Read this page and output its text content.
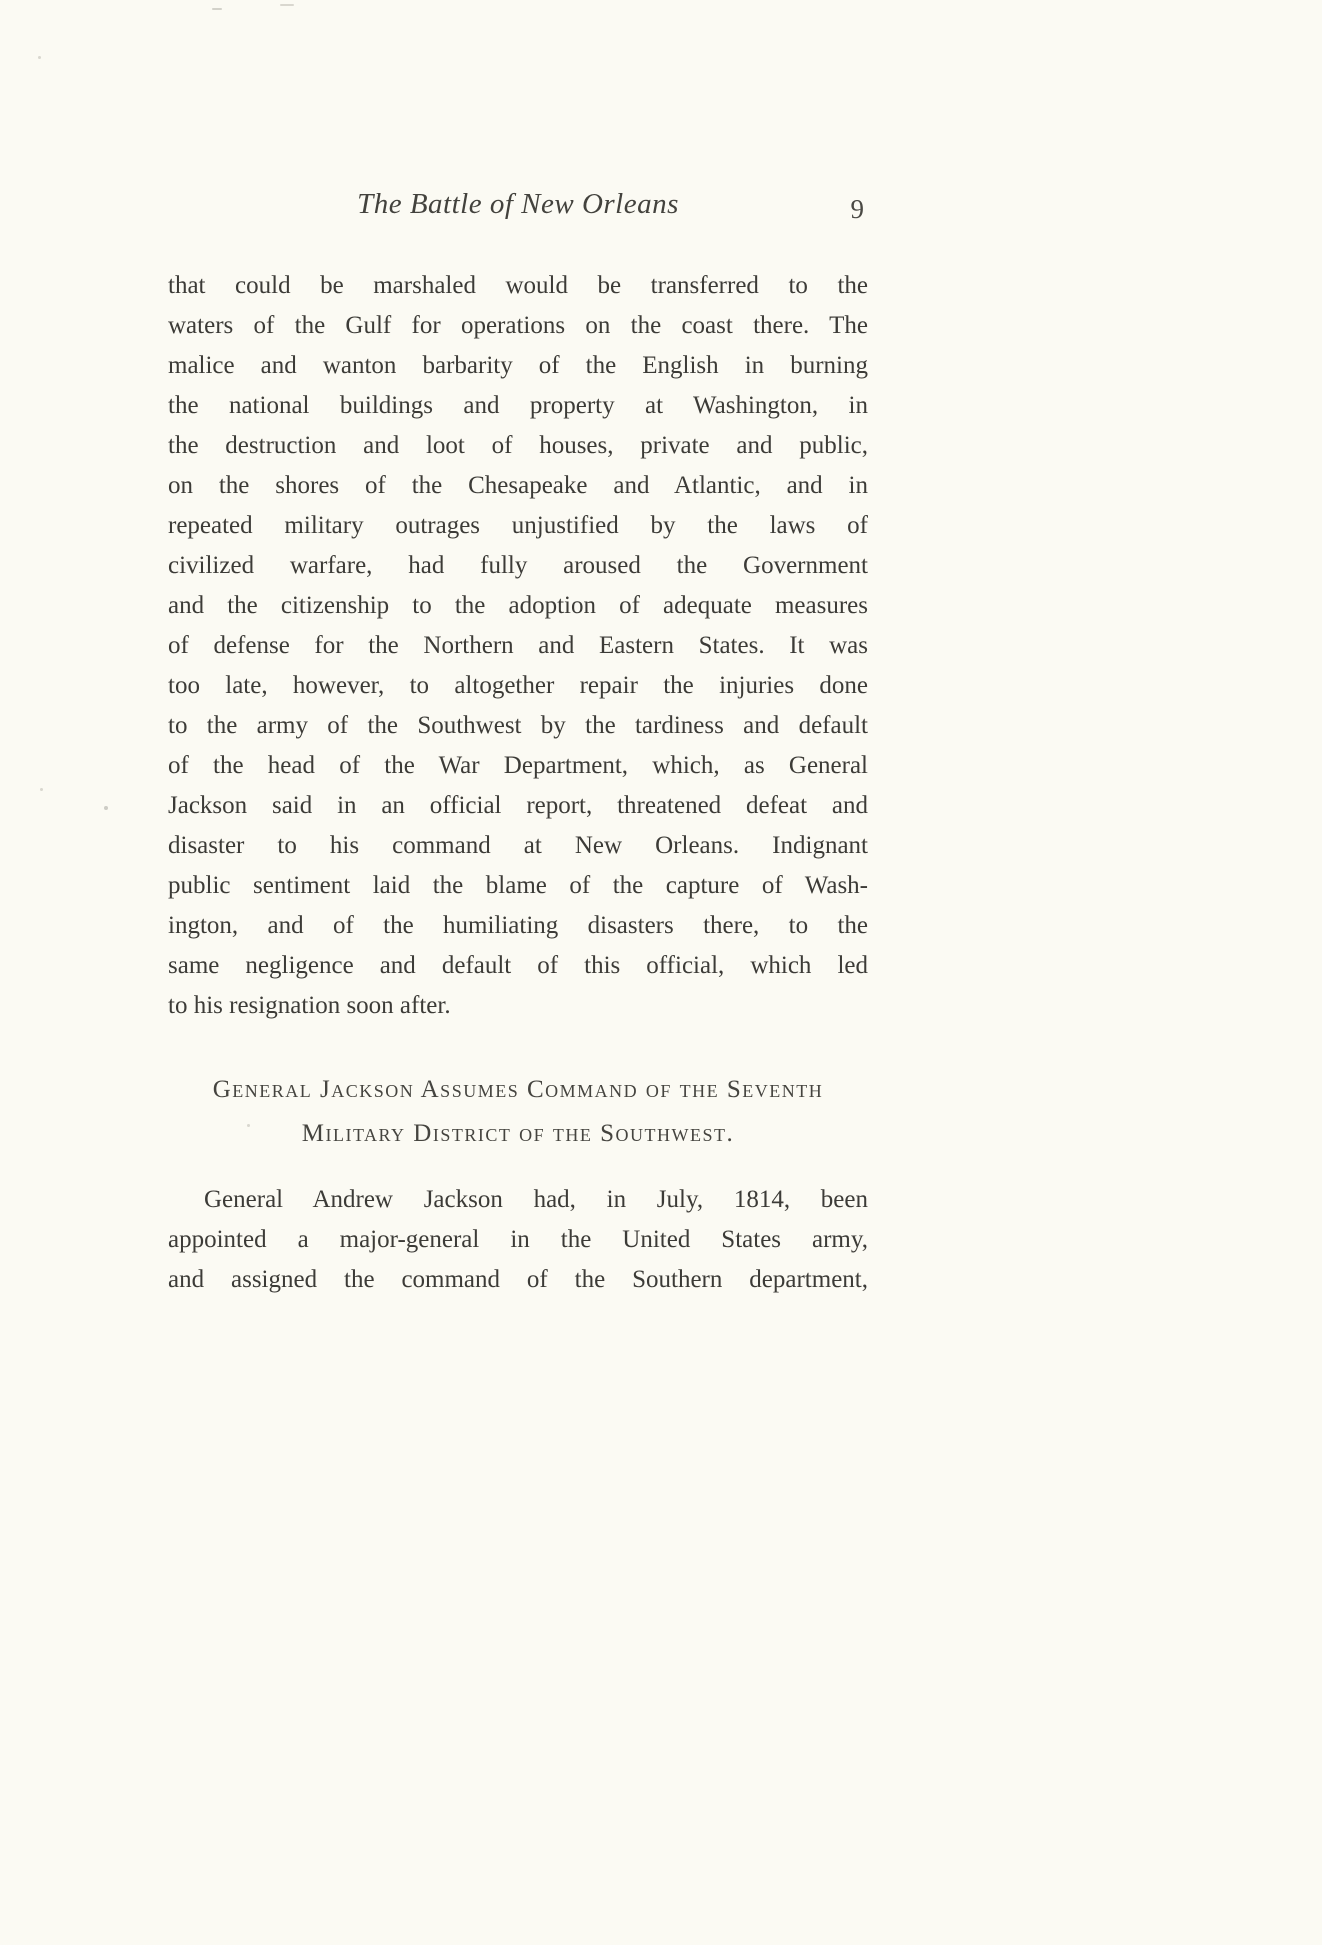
The Battle of New Orleans	9
that could be marshaled would be transferred to the
waters of the Gulf for operations on the coast there. The
malice and wanton barbarity of the English in burning
the national buildings and property at Washington, in
the destruction and loot of houses, private and public,
on the shores of the Chesapeake and Atlantic, and in
repeated military outrages unjustified by the laws of
civilized warfare, had fully aroused the Government
and the citizenship to the adoption of adequate measures
of defense for the Northern and Eastern States. It was
too late, however, to altogether repair the injuries done
to the army of the Southwest by the tardiness and default
of the head of the War Department, which, as General
Jackson said in an official report, threatened defeat and
disaster to his command at New Orleans. Indignant
public sentiment laid the blame of the capture of Wash-
ington, and of the humiliating disasters there, to the
same negligence and default of this official, which led
to his resignation soon after.
General Jackson Assumes Command of the Seventh
Military District of the Southwest.
General Andrew Jackson had, in July, 1814, been
appointed a major-general in the United States army,
and assigned the command of the Southern department,
